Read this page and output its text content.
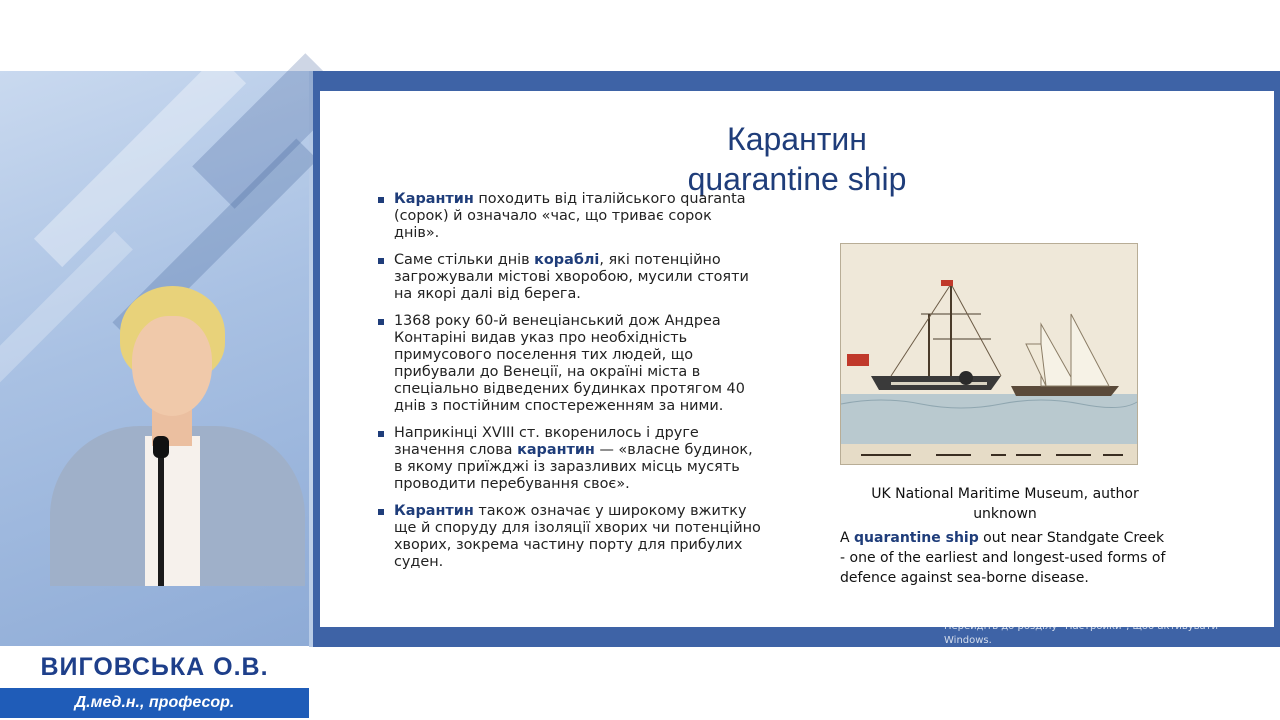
ВИГОВСЬКА О.В.
Д.мед.н., професор.
Карантин
quarantine ship
Карантин походить від італійського quaranta (сорок) й означало «час, що триває сорок днів».
Саме стільки днів кораблі, які потенційно загрожували містові хворобою, мусили стояти на якорі далі від берега.
1368 року 60-й венеціанський дож Андреа Контаріні видав указ про необхідність примусового поселення тих людей, що прибували до Венеції, на окраїні міста в спеціально відведених будинках протягом 40 днів з постійним спостереженням за ними.
Наприкінці XVIII ст. вкоренилось і друге значення слова карантин — «власне будинок, в якому приїжджі із заразливих місць мусять проводити перебування своє».
Карантин також означає у широкому вжитку ще й споруду для ізоляції хворих чи потенційно хворих, зокрема частину порту для прибулих суден.
UK National Maritime Museum, author unknown
A quarantine ship out near Standgate Creek - one of the earliest and longest-used forms of defence against sea-borne disease.
Активація Windows
Перейдіть до розділу "Настройки", щоб активувати Windows.
